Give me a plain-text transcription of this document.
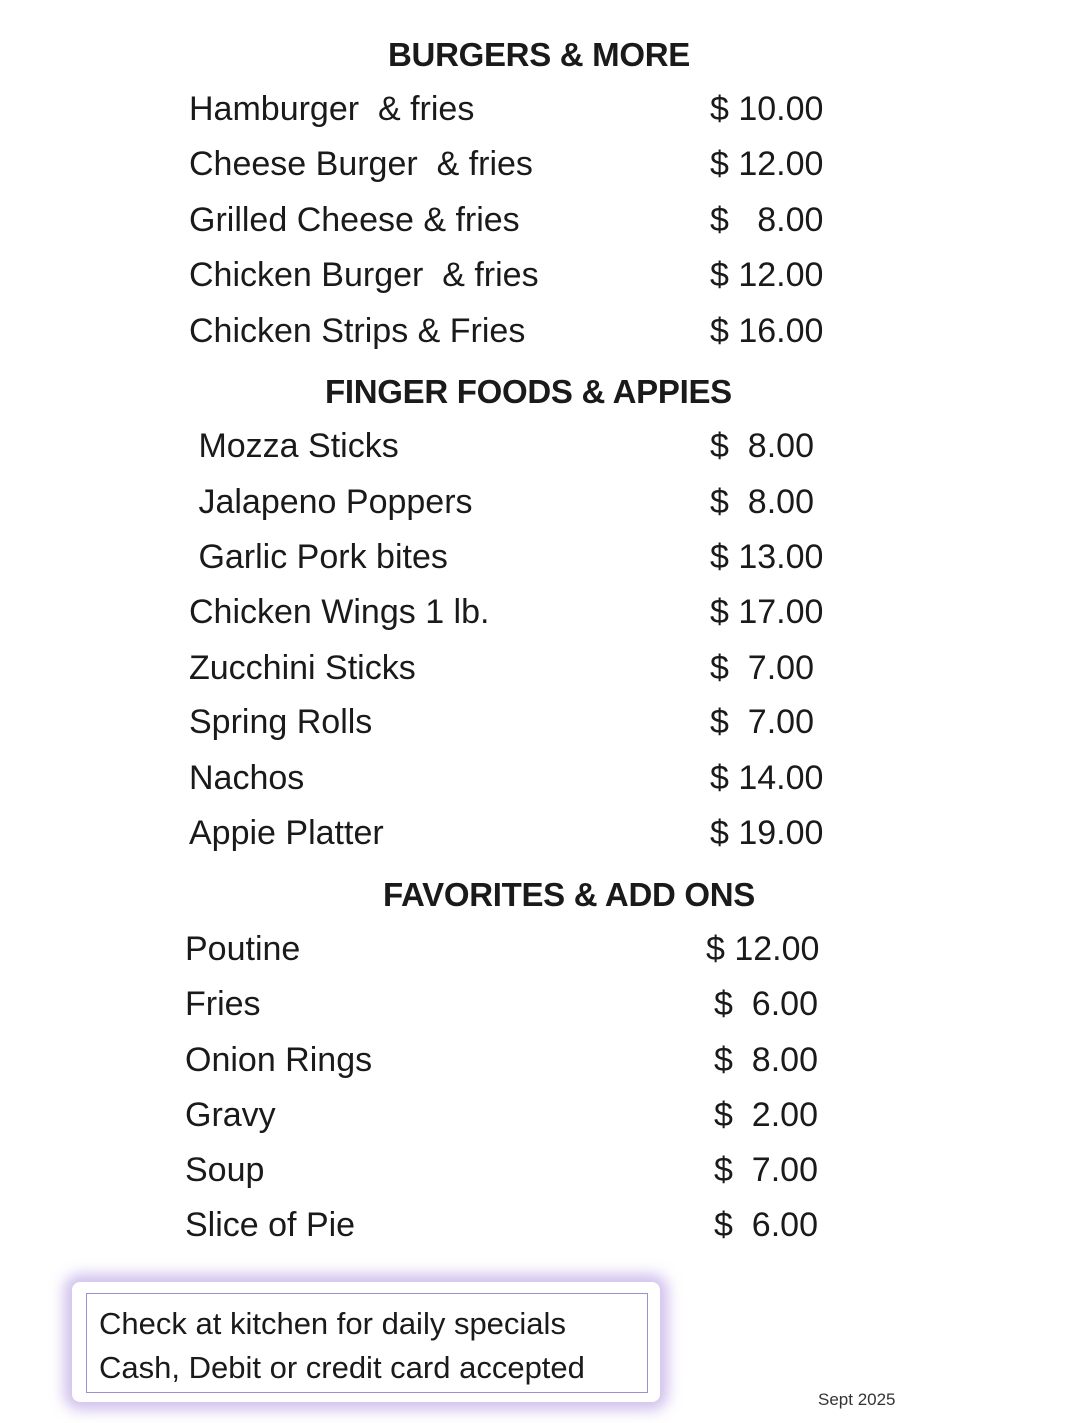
BURGERS & MORE
Hamburger  & fries	$ 10.00
Cheese Burger  & fries	$ 12.00
Grilled Cheese & fries	$   8.00
Chicken Burger  & fries	$ 12.00
Chicken Strips & Fries	$ 16.00
FINGER FOODS & APPIES
Mozza Sticks	$  8.00
Jalapeno Poppers	$  8.00
Garlic Pork bites	$ 13.00
Chicken Wings 1 lb.	$ 17.00
Zucchini Sticks	$  7.00
Spring Rolls	$  7.00
Nachos	$ 14.00
Appie Platter	$ 19.00
FAVORITES & ADD ONS
Poutine	$ 12.00
Fries	$  6.00
Onion Rings	$  8.00
Gravy	$  2.00
Soup	$  7.00
Slice of Pie	$  6.00
Check at kitchen for daily specials
Cash, Debit or credit card accepted
Sept 2025
